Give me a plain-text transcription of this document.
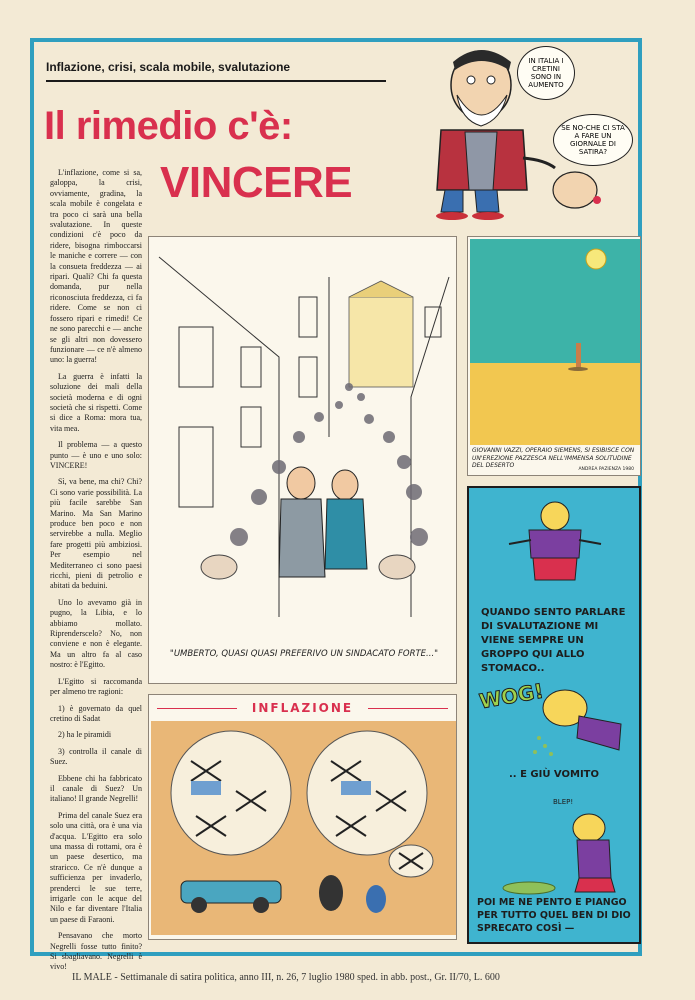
Inflazione, crisi, scala mobile, svalutazione
Il rimedio c'è:
VINCERE
IN ITALIA I CRETINI SONO IN AUMENTO
SE NO-CHE CI STA A FARE UN GIORNALE DI SATIRA?

L'inflazione, come si sa, galoppa, la crisi, ovviamente, gradina, la scala mobile è congelata e tra poco ci sarà una bella svalutazione. In queste condizioni c'è poco da ridere, bisogna rimboccarsi le maniche e correre — con la consueta freddezza — ai ripari. Quali? Chi fa questa domanda, pur nella riconosciuta freddezza, ci fa ridere. Come se non ci fossero ripari e rimedi! Ce ne sono parecchi e — anche se gli altri non dovessero funzionare — ce n'è almeno uno: la guerra!

La guerra è infatti la soluzione dei mali della società moderna e di ogni società che si rispetti. Come si dice a Roma: mora tua, vita mea.

Il problema — a questo punto — è uno e uno solo: VINCERE!

Sì, va bene, ma chi? Chi? Ci sono varie possibilità. La più facile sarebbe San Marino. Ma San Marino produce ben poco e non servirebbe a nulla. Meglio fare progetti più ambiziosi. Per esempio nel Mediterraneo ci sono paesi ricchi, pieni di petrolio e abitati da beduini.

Uno lo avevamo già in pugno, la Libia, e lo abbiamo mollato. Riprenderscelo? No, non conviene e non è elegante. Ma un altro fa al caso nostro: è l'Egitto.

L'Egitto si raccomanda per almeno tre ragioni:

1) è governato da quel cretino di Sadat

2) ha le piramidi

3) controlla il canale di Suez.

Ebbene chi ha fabbricato il canale di Suez? Un italiano! Il grande Negrelli!

Prima del canale Suez era solo una città, ora è una via d'acqua. L'Egitto era solo una massa di rottami, ora è un paese desertico, ma straricco. Ce n'è dunque a sufficienza per invaderlo, prenderci le sue terre, irrigarle con le acque del Nilo e far diventare l'Italia un paese di Faraoni.

Pensavano che morto Negrelli fosse tutto finito? Si sbagliavano. Negrelli è vivo!

"UMBERTO, QUASI QUASI PREFERIVO UN SINDACATO FORTE..."
GIOVANNI VAZZI, OPERAIO SIEMENS, SI ESIBISCE CON UN'EREZIONE PAZZESCA NELL'IMMENSA SOLITUDINE DEL DESERTO
ANDREA PAZIENZA 1980
INFLAZIONE
QUANDO SENTO PARLARE DI SVALUTAZIONE MI VIENE SEMPRE UN GROPPO QUI ALLO STOMACO..
WOG!
.. E GIÙ VOMITO
BLEP!
POI ME NE PENTO E PIANGO PER TUTTO QUEL BEN DI DIO SPRECATO COSÌ —
IL MALE - Settimanale di satira politica, anno III, n. 26, 7 luglio 1980 sped. in abb. post., Gr. II/70, L. 600
